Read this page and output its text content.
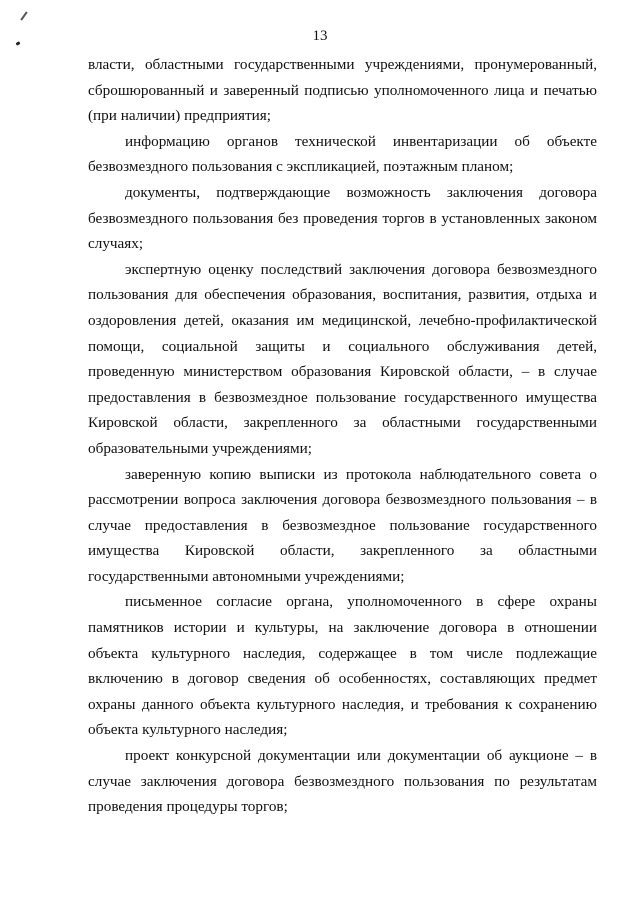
13

власти, областными государственными учреждениями, пронумерованный,
сброшюрованный и заверенный подписью уполномоченного лица и печатью
(при наличии) предприятия;

информацию органов технической инвентаризации об объекте
безвозмездного пользования с экспликацией, поэтажным планом;

документы, подтверждающие возможность заключения договора
безвозмездного пользования без проведения торгов в установленных законом
случаях;

экспертную оценку последствий заключения договора безвозмездного
пользования для обеспечения образования, воспитания, развития, отдыха и
оздоровления детей, оказания им медицинской, лечебно-профилактической
помощи, социальной защиты и социального обслуживания детей,
проведенную министерством образования Кировской области, – в случае
предоставления в безвозмездное пользование государственного имущества
Кировской области, закрепленного за областными государственными
образовательными учреждениями;

заверенную копию выписки из протокола наблюдательного совета о
рассмотрении вопроса заключения договора безвозмездного пользования – в
случае предоставления в безвозмездное пользование государственного
имущества Кировской области, закрепленного за областными
государственными автономными учреждениями;

письменное согласие органа, уполномоченного в сфере охраны
памятников истории и культуры, на заключение договора в отношении
объекта культурного наследия, содержащее в том числе подлежащие
включению в договор сведения об особенностях, составляющих предмет
охраны данного объекта культурного наследия, и требования к сохранению
объекта культурного наследия;

проект конкурсной документации или документации об аукционе – в
случае заключения договора безвозмездного пользования по результатам
проведения процедуры торгов;
